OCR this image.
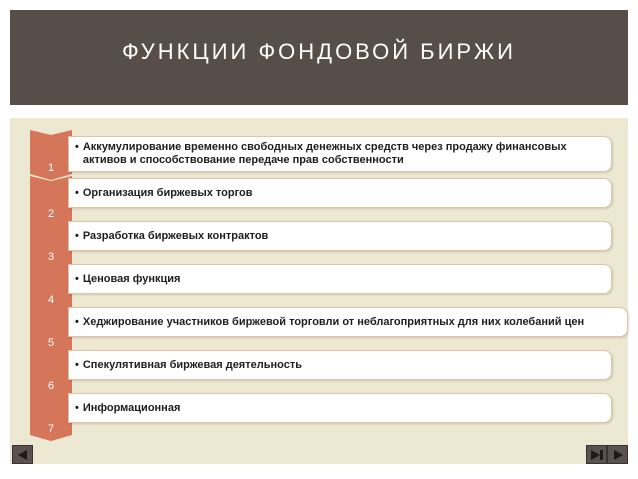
ФУНКЦИИ ФОНДОВОЙ БИРЖИ
1
• Аккумулирование временно свободных денежных средств через продажу финансовых активов и способствование передаче прав собственности
2
• Организация биржевых торгов
3
• Разработка биржевых контрактов
4
• Ценовая функция
5
• Хеджирование участников биржевой торговли от неблагоприятных для них колебаний цен
6
• Спекулятивная биржевая деятельность
7
• Информационная
